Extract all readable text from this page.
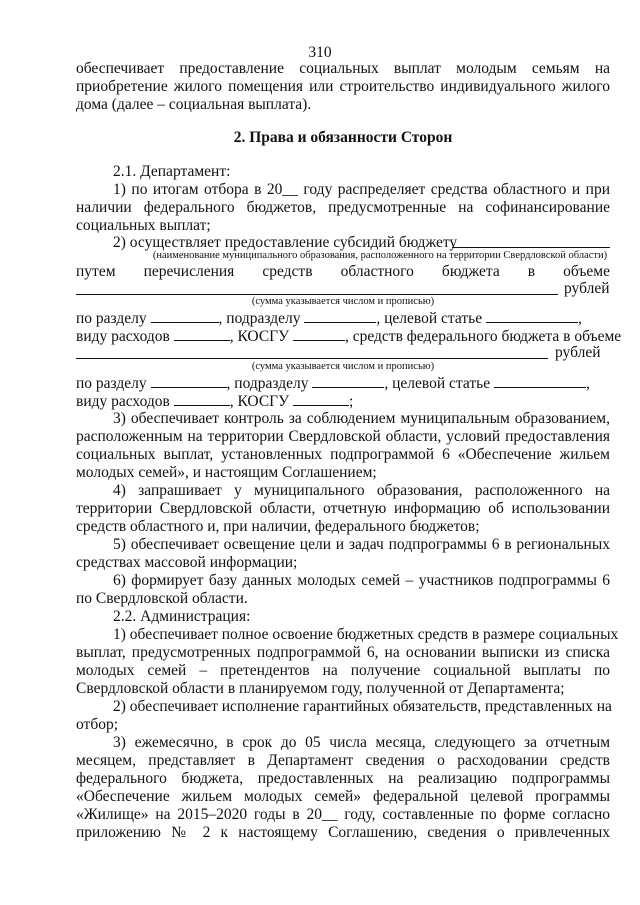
310
обеспечивает предоставление социальных выплат молодым семьям на
приобретение жилого помещения или строительство индивидуального жилого
дома (далее – социальная выплата).
2. Права и обязанности Сторон
2.1. Департамент:
1) по итогам отбора в 20__ году распределяет средства областного и при
наличии федерального бюджетов, предусмотренные на софинансирование
социальных выплат;
2) осуществляет предоставление субсидий бюджету
(наименование муниципального образования, расположенного на территории Свердловской области)
путем перечисления средств областного бюджета в объеме
рублей
(сумма указывается числом и прописью)
по разделу	, подразделу	, целевой статье	,
виду расходов	, КОСГУ	, средств федерального бюджета в объеме
рублей
(сумма указывается числом и прописью)
по разделу	, подразделу	, целевой статье	,
виду расходов	, КОСГУ	;
3) обеспечивает контроль за соблюдением муниципальным образованием,
расположенным на территории Свердловской области, условий предоставления
социальных выплат, установленных подпрограммой 6 «Обеспечение жильем
молодых семей», и настоящим Соглашением;
4) запрашивает у муниципального образования, расположенного на
территории Свердловской области, отчетную информацию об использовании
средств областного и, при наличии, федерального бюджетов;
5) обеспечивает освещение цели и задач подпрограммы 6 в региональных
средствах массовой информации;
6) формирует базу данных молодых семей – участников подпрограммы 6
по Свердловской области.
2.2. Администрация:
1) обеспечивает полное освоение бюджетных средств в размере социальных
выплат, предусмотренных подпрограммой 6, на основании выписки из списка
молодых семей – претендентов на получение социальной выплаты по
Свердловской области в планируемом году, полученной от Департамента;
2) обеспечивает исполнение гарантийных обязательств, представленных на
отбор;
3) ежемесячно, в срок до 05 числа месяца, следующего за отчетным
месяцем, представляет в Департамент сведения о расходовании средств
федерального бюджета, предоставленных на реализацию подпрограммы
«Обеспечение жильем молодых семей» федеральной целевой программы
«Жилище» на 2015–2020 годы в 20__ году, составленные по форме согласно
приложению № 2 к настоящему Соглашению, сведения о привлеченных
